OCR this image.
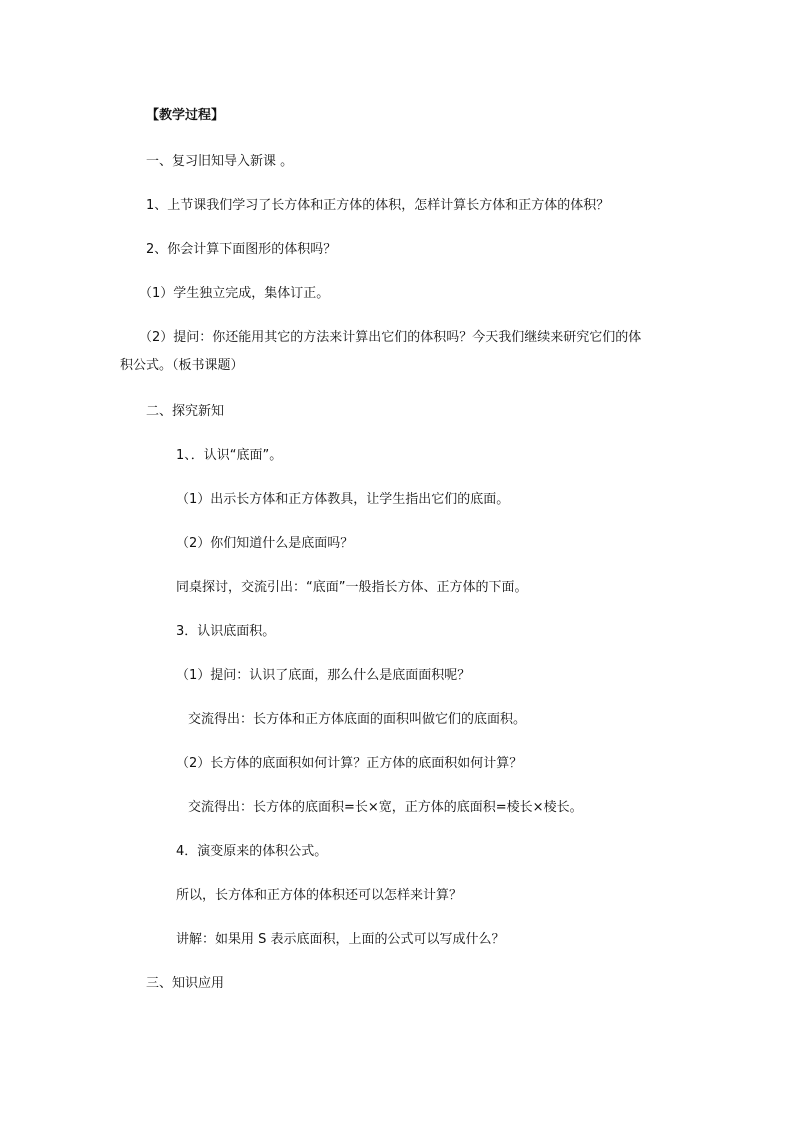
【教学过程】
一、复习旧知导入新课 。
1、上节课我们学习了长方体和正方体的体积，怎样计算长方体和正方体的体积？
2、你会计算下面图形的体积吗？
（1）学生独立完成，集体订正。
（2）提问：你还能用其它的方法来计算出它们的体积吗？今天我们继续来研究它们的体
积公式。（板书课题）
二、探究新知
1、．认识“底面”。
（1）出示长方体和正方体教具，让学生指出它们的底面。
（2）你们知道什么是底面吗？
同桌探讨，交流引出：“底面”一般指长方体、正方体的下面。
3．认识底面积。
（1）提问：认识了底面，那么什么是底面面积呢？
交流得出：长方体和正方体底面的面积叫做它们的底面积。
（2）长方体的底面积如何计算？正方体的底面积如何计算？
交流得出：长方体的底面积=长×宽，正方体的底面积=棱长×棱长。
4．演变原来的体积公式。
所以，长方体和正方体的体积还可以怎样来计算？
讲解：如果用 S 表示底面积，上面的公式可以写成什么？
三、知识应用
